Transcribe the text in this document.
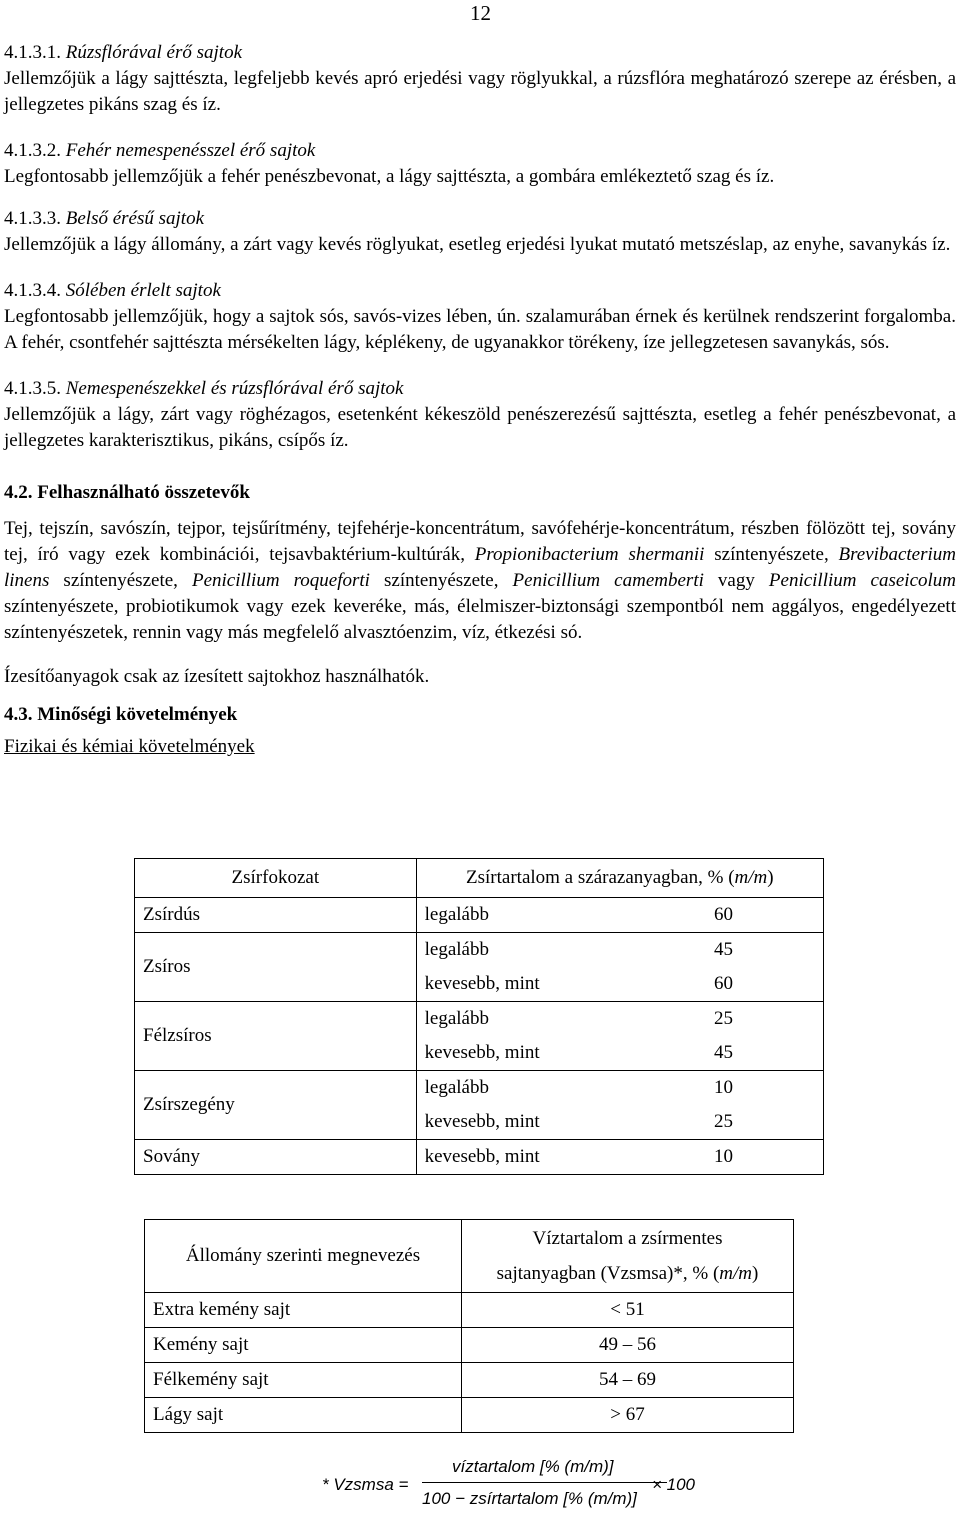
12
4.1.3.1. Rúzsflórával érő sajtok

Jellemzőjük a lágy sajttészta, legfeljebb kevés apró erjedési vagy röglyukkal, a rúzsflóra meghatározó szerepe az érésben, a jellegzetes pikáns szag és íz.

4.1.3.2. Fehér nemespenésszel érő sajtok

Legfontosabb jellemzőjük a fehér penészbevonat, a lágy sajttészta, a gombára emlékeztető szag és íz.

4.1.3.3. Belső érésű sajtok

Jellemzőjük a lágy állomány, a zárt vagy kevés röglyukat, esetleg erjedési lyukat mutató metszéslap, az enyhe, savanykás íz.

4.1.3.4. Sólében érlelt sajtok

Legfontosabb jellemzőjük, hogy a sajtok sós, savós-vizes lében, ún. szalamurában érnek és kerülnek rendszerint forgalomba. A fehér, csontfehér sajttészta mérsékelten lágy, képlékeny, de ugyanakkor törékeny, íze jellegzetesen savanykás, sós.

4.1.3.5. Nemespenészekkel és rúzsflórával érő sajtok

Jellemzőjük a lágy, zárt vagy röghézagos, esetenként kékeszöld penészerezésű sajttészta, esetleg a fehér penészbevonat, a jellegzetes karakterisztikus, pikáns, csípős íz.

4.2. Felhasználható összetevők

Tej, tejszín, savószín, tejpor, tejsűrítmény, tejfehérje-koncentrátum, savófehérje-koncentrátum, részben fölözött tej, sovány tej, író vagy ezek kombinációi, tejsavbaktérium-kultúrák, Propionibacterium shermanii színtenyészete, Brevibacterium linens színtenyészete, Penicillium roqueforti színtenyészete, Penicillium camemberti vagy Penicillium caseicolum színtenyészete, probiotikumok vagy ezek keveréke, más, élelmiszer-biztonsági szempontból nem aggályos, engedélyezett színtenyészetek, rennin vagy más megfelelő alvasztóenzim, víz, étkezési só.

Ízesítőanyagok csak az ízesített sajtokhoz használhatók.

4.3. Minőségi követelmények
Fizikai és kémiai követelmények
Zsírfokozat	Zsírtartalom a szárazanyagban, % (m/m)	
Zsírdús	legalább	60
Zsíros	legalább	45
	kevesebb, mint	60
Félzsíros	legalább	25
	kevesebb, mint	45
Zsírszegény	legalább	10
	kevesebb, mint	25
Sovány	kevesebb, mint	10
Állomány szerinti megnevezés	Víztartalom a zsírmentes
sajtanyagban (Vzsmsa)*, % (m/m)

Extra kemény sajt	< 51
Kemény sajt	49 – 56
Félkemény sajt	54 – 69
Lágy sajt	> 67
* Vzsmsa =
víztartalom [% (m/m)]
100 − zsírtartalom [% (m/m)]
× 100
